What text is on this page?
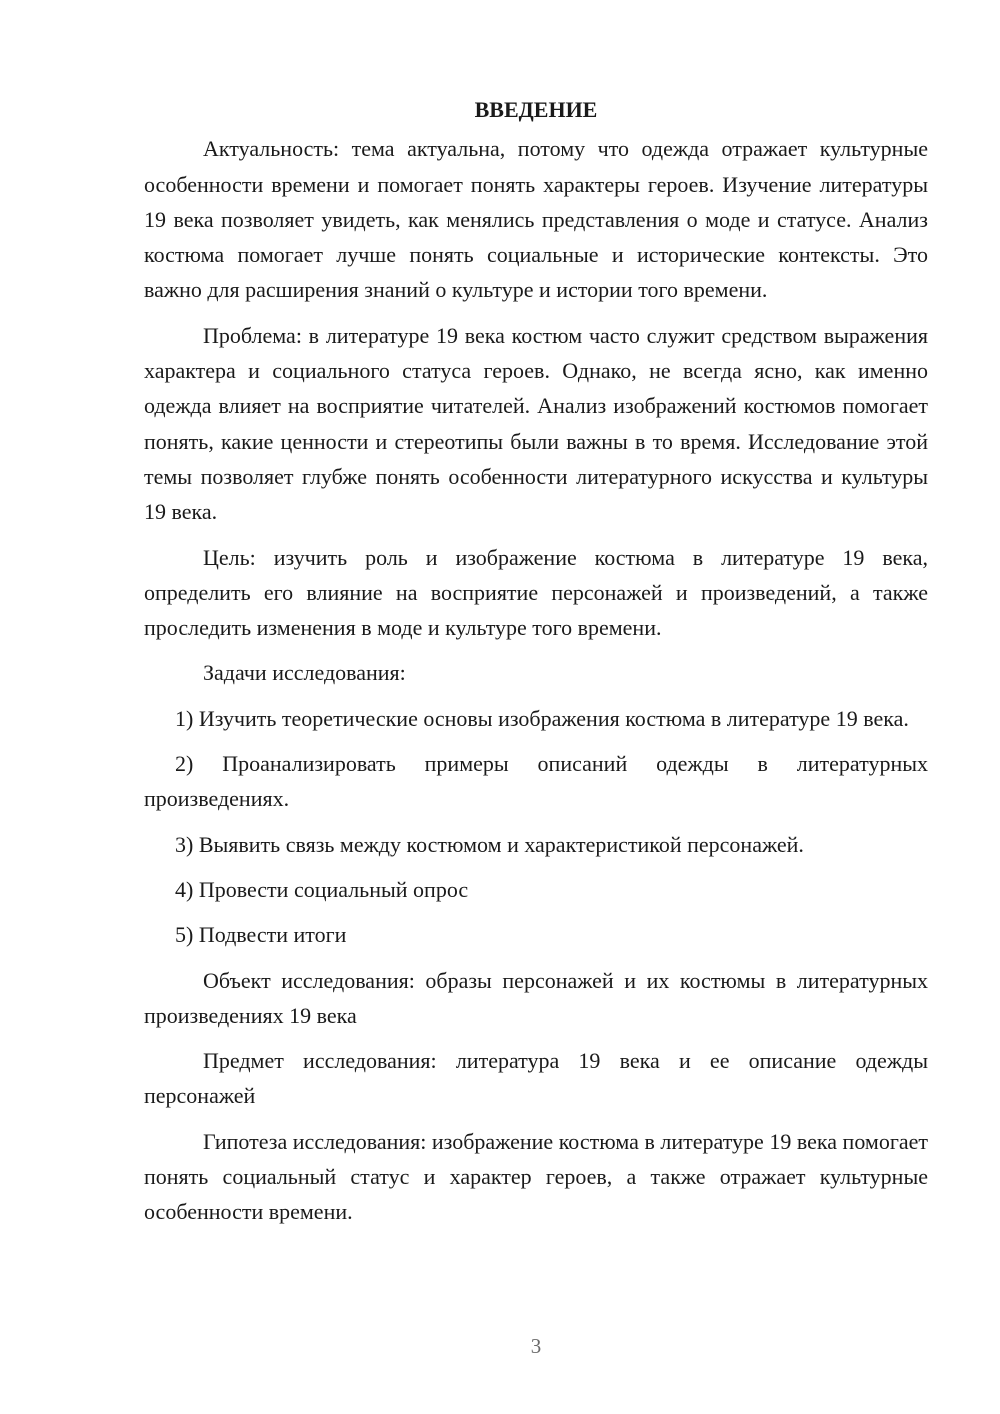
ВВЕДЕНИЕ

Актуальность: тема актуальна, потому что одежда отражает культурные особенности времени и помогает понять характеры героев. Изучение литературы 19 века позволяет увидеть, как менялись представления о моде и статусе. Анализ костюма помогает лучше понять социальные и исторические контексты. Это важно для расширения знаний о культуре и истории того времени.

Проблема: в литературе 19 века костюм часто служит средством выражения характера и социального статуса героев. Однако, не всегда ясно, как именно одежда влияет на восприятие читателей. Анализ изображений костюмов помогает понять, какие ценности и стереотипы были важны в то время. Исследование этой темы позволяет глубже понять особенности литературного искусства и культуры 19 века.

Цель: изучить роль и изображение костюма в литературе 19 века, определить его влияние на восприятие персонажей и произведений, а также проследить изменения в моде и культуре того времени.

Задачи исследования:

1) Изучить теоретические основы изображения костюма в литературе 19 века.

2) Проанализировать примеры описаний одежды в литературных произведениях.

3) Выявить связь между костюмом и характеристикой персонажей.

4) Провести социальный опрос

5) Подвести итоги

Объект исследования: образы персонажей и их костюмы в литературных произведениях 19 века

Предмет исследования: литература 19 века и ее описание одежды персонажей

Гипотеза исследования: изображение костюма в литературе 19 века помогает понять социальный статус и характер героев, а также отражает культурные особенности времени.

3
